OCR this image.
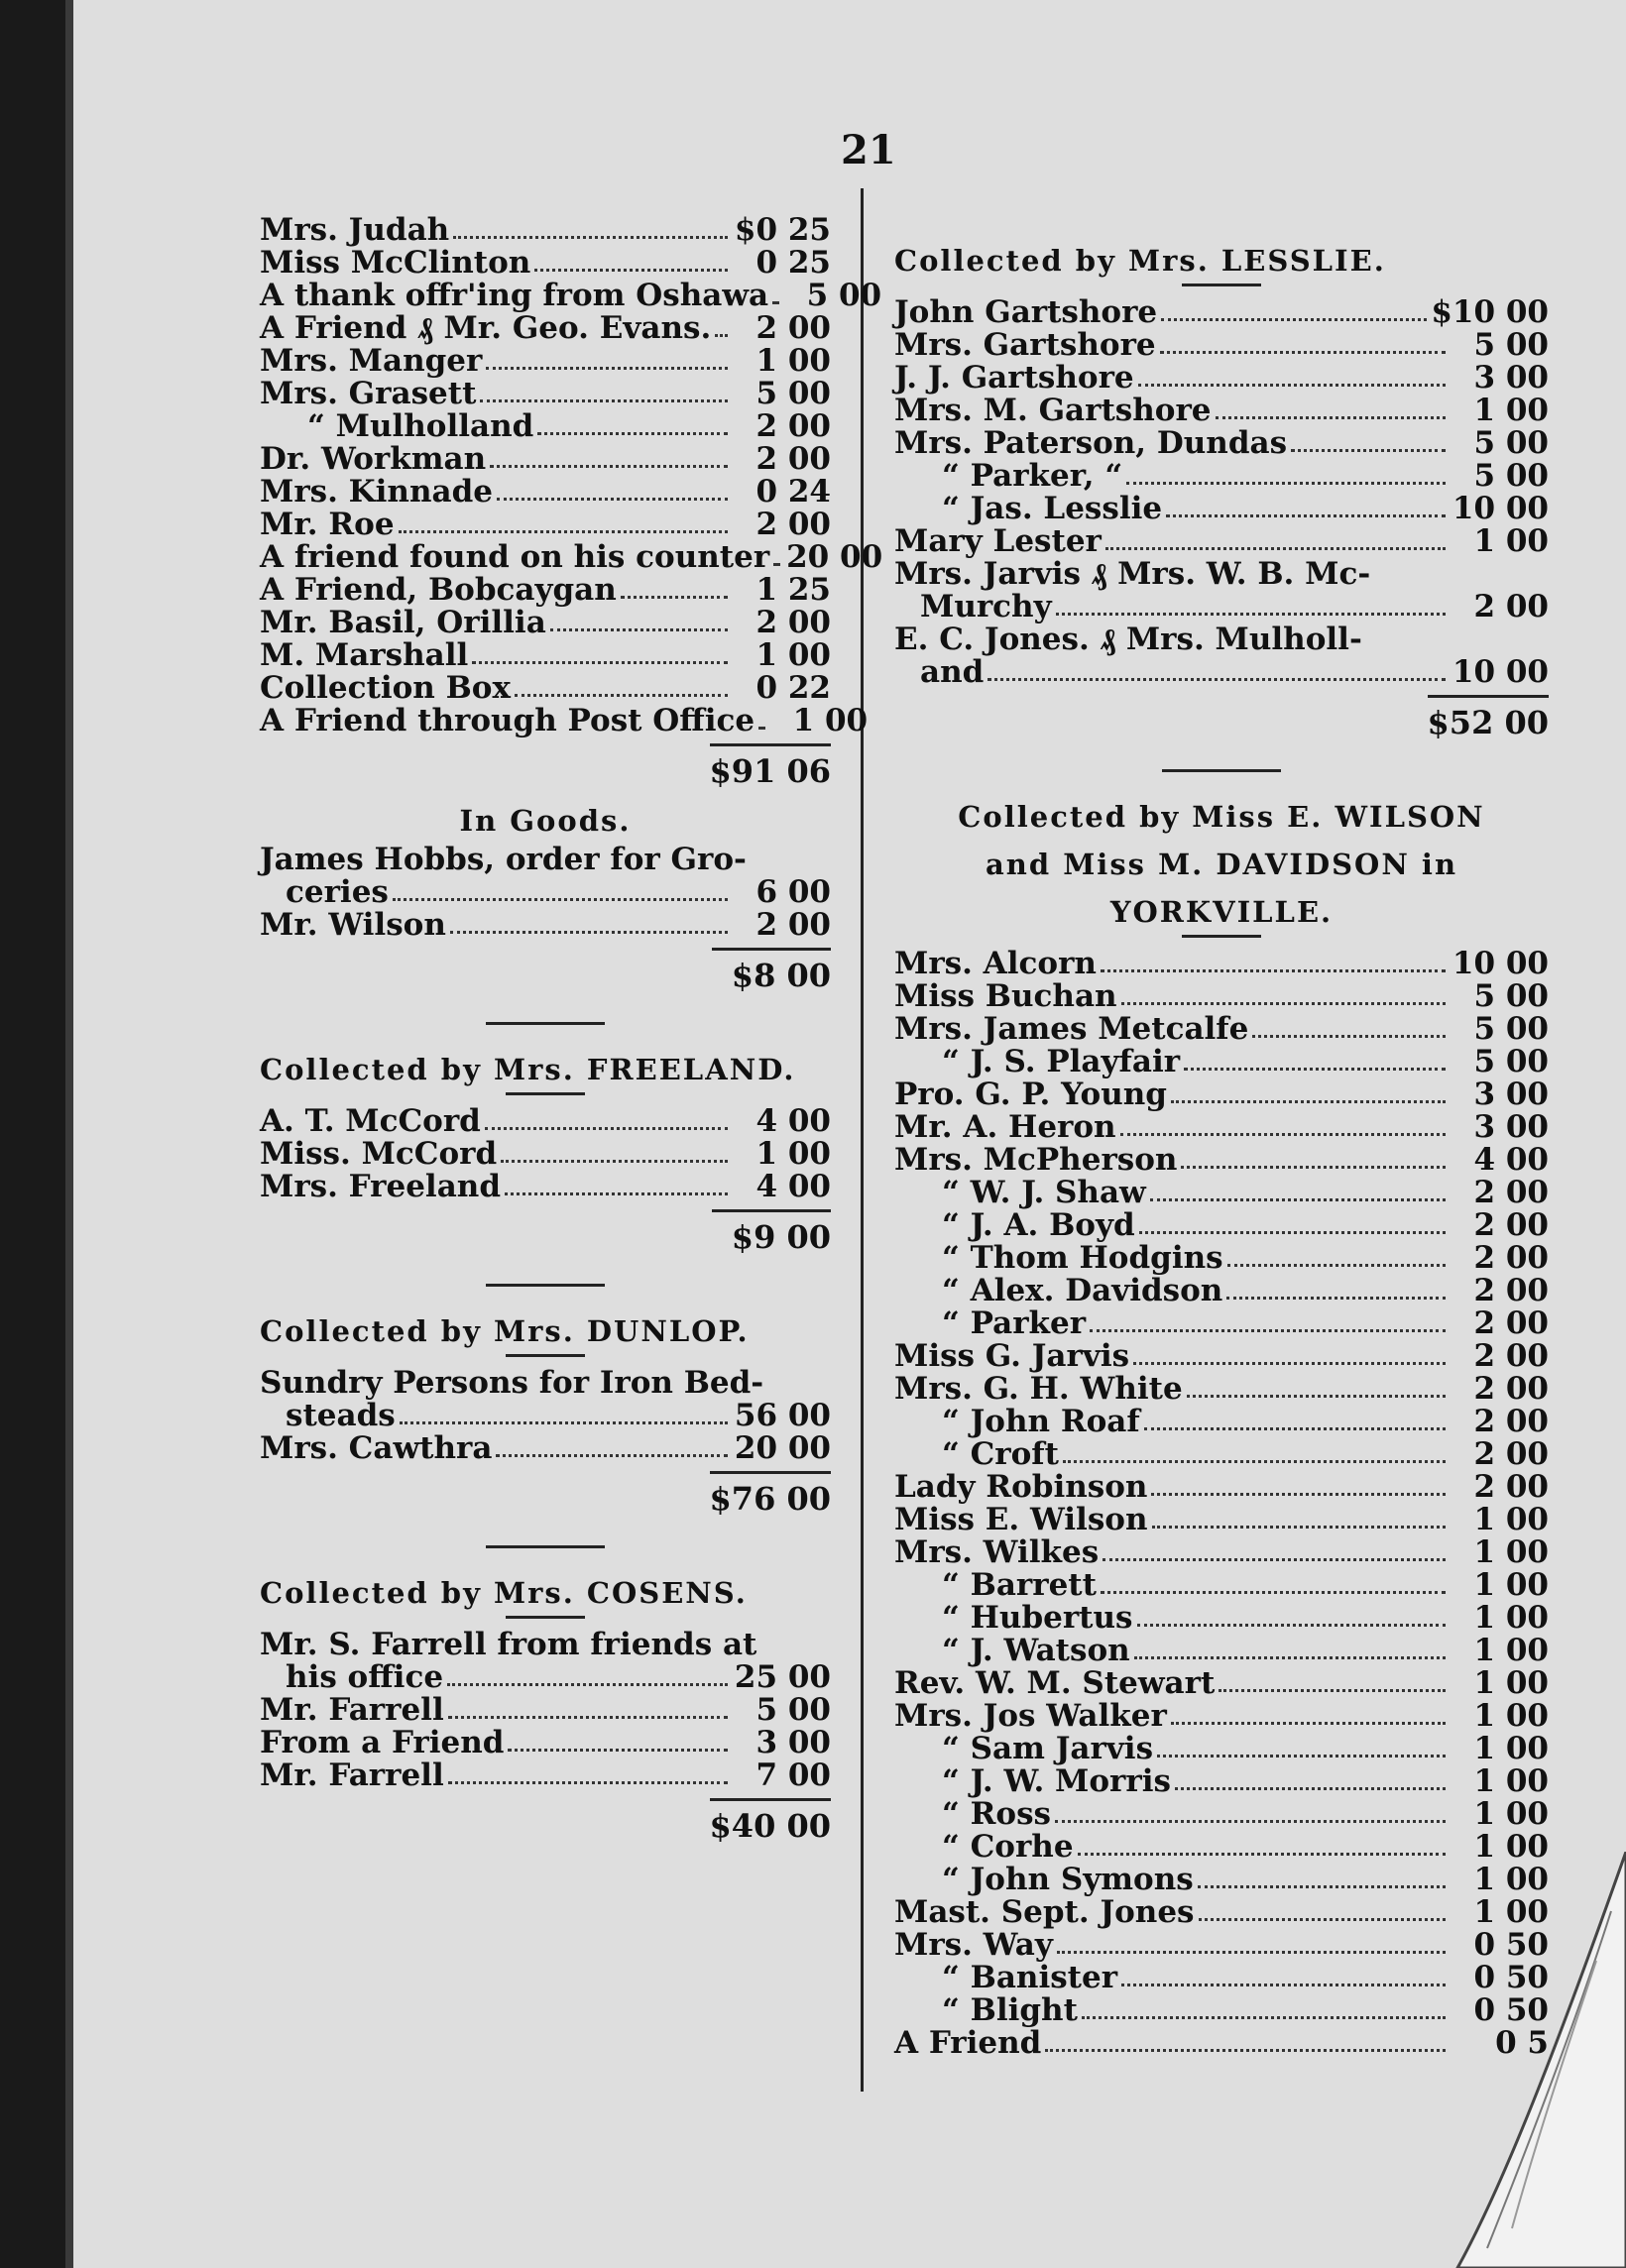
21
Mrs. Judah	$0 25
Miss McClinton	0 25
A thank offr'ing from Oshawa	5 00
A Friend ₰ Mr. Geo. Evans.	2 00
Mrs. Manger	1 00
Mrs. Grasett	5 00
“ Mulholland	2 00
Dr. Workman	2 00
Mrs. Kinnade	0 24
Mr. Roe	2 00
A friend found on his counter 20 00
A Friend, Bobcaygan	1 25
Mr. Basil, Orillia	2 00
M. Marshall	1 00
Collection Box	0 22
A Friend through Post Office	1 00
$91 06
In Goods.
James Hobbs, order for Gro-
ceries	6 00
Mr. Wilson	2 00
$8 00
Collected by Mrs. FREELAND.
A. T. McCord	4 00
Miss. McCord	1 00
Mrs. Freeland	4 00
$9 00
Collected by Mrs. DUNLOP.
Sundry Persons for Iron Bed-
steads	56 00
Mrs. Cawthra	20 00
$76 00
Collected by Mrs. COSENS.
Mr. S. Farrell from friends at
his office	25 00
Mr. Farrell	5 00
From a Friend	3 00
Mr. Farrell	7 00
$40 00
Collected by Mrs. LESSLIE.
John Gartshore	$10 00
Mrs. Gartshore	5 00
J. J. Gartshore	3 00
Mrs. M. Gartshore	1 00
Mrs. Paterson, Dundas	5 00
“ Parker, “	5 00
“ Jas. Lesslie	10 00
Mary Lester	1 00
Mrs. Jarvis ₰ Mrs. W. B. Mc-
Murchy	2 00
E. C. Jones. ₰ Mrs. Mulholl-
and	10 00
$52 00
Collected by Miss E. WILSON
and Miss M. DAVIDSON in
YORKVILLE.
Mrs. Alcorn	10 00
Miss Buchan	5 00
Mrs. James Metcalfe	5 00
“ J. S. Playfair	5 00
Pro. G. P. Young	3 00
Mr. A. Heron	3 00
Mrs. McPherson	4 00
“ W. J. Shaw	2 00
“ J. A. Boyd	2 00
“ Thom Hodgins	2 00
“ Alex. Davidson	2 00
“ Parker	2 00
Miss G. Jarvis	2 00
Mrs. G. H. White	2 00
“ John Roaf	2 00
“ Croft	2 00
Lady Robinson	2 00
Miss E. Wilson	1 00
Mrs. Wilkes	1 00
“ Barrett	1 00
“ Hubertus	1 00
“ J. Watson	1 00
Rev. W. M. Stewart	1 00
Mrs. Jos Walker	1 00
“ Sam Jarvis	1 00
“ J. W. Morris	1 00
“ Ross	1 00
“ Corhe	1 00
“ John Symons	1 00
Mast. Sept. Jones	1 00
Mrs. Way	0 50
“ Banister	0 50
“ Blight	0 50
A Friend	0 5
